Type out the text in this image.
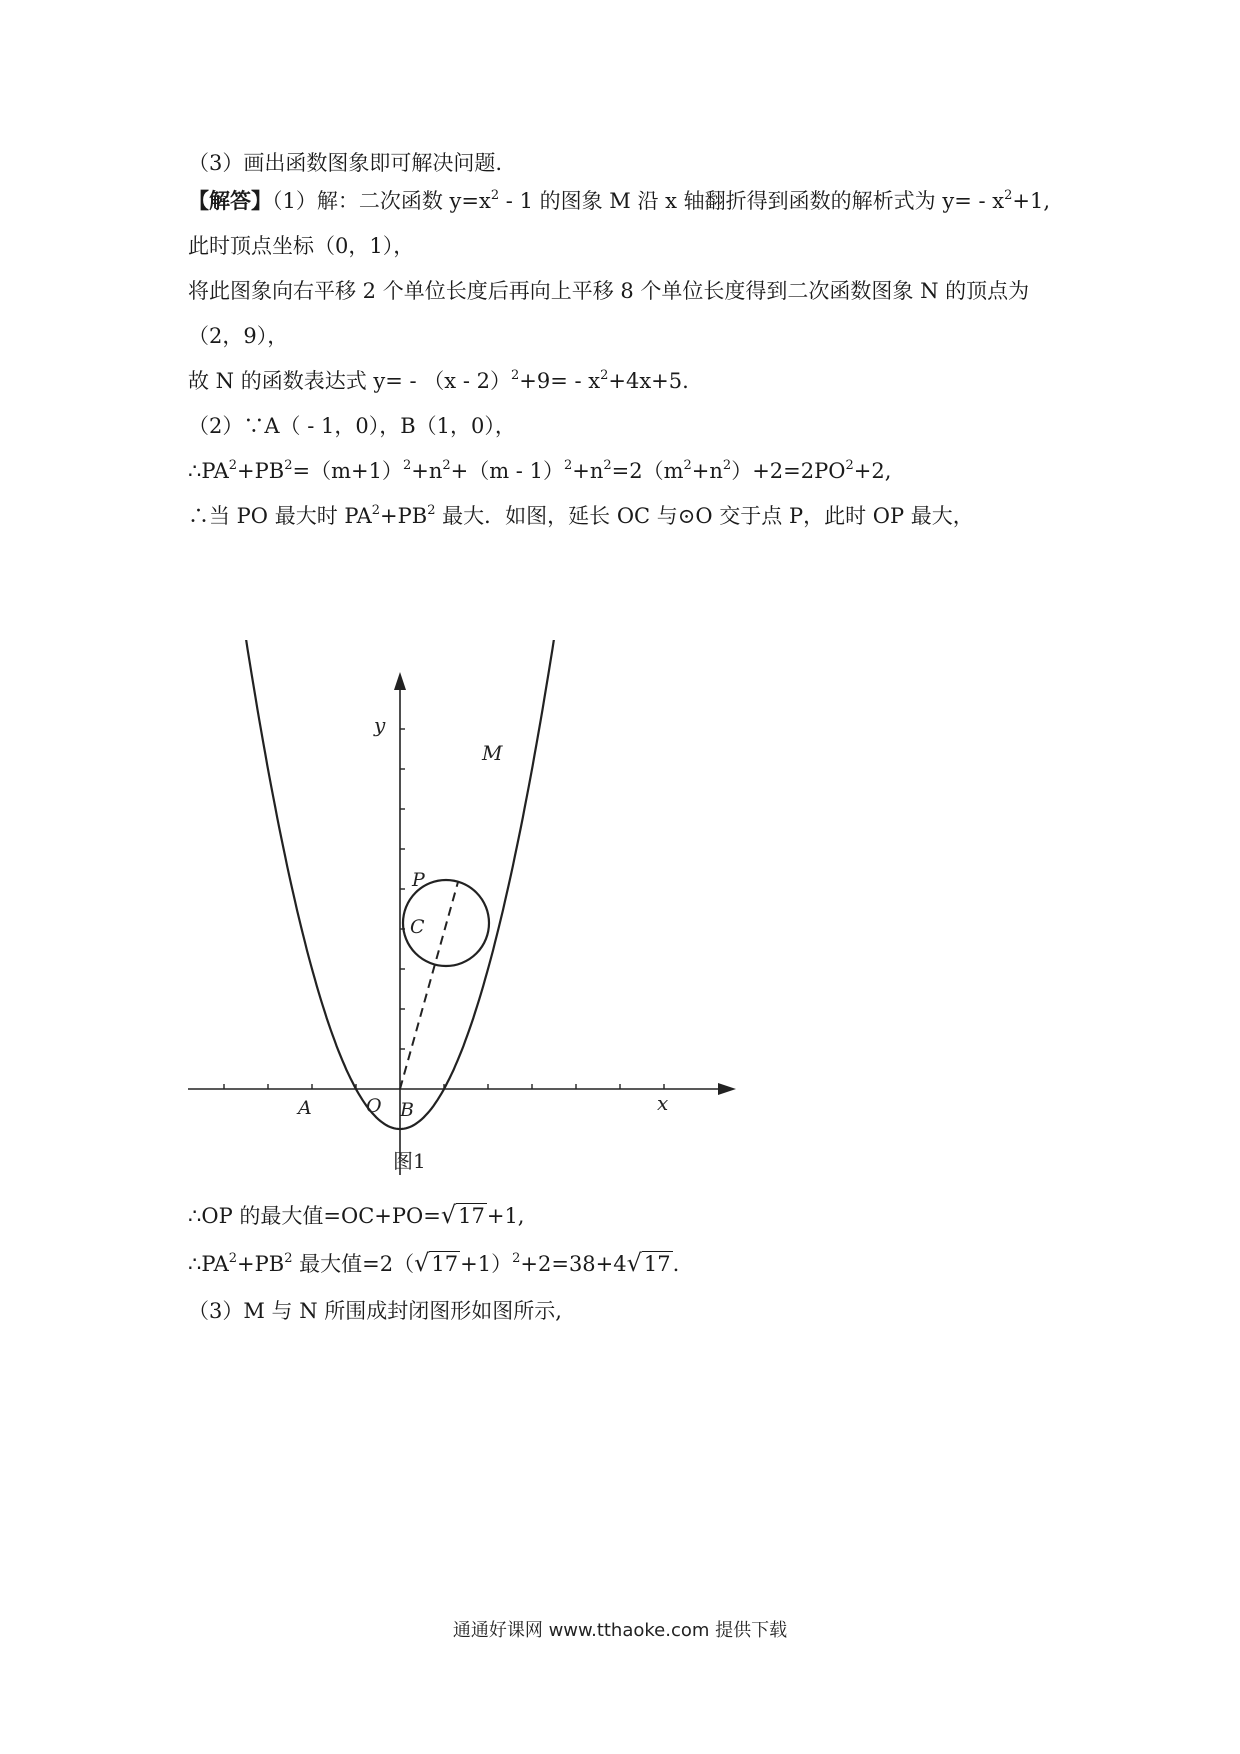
（3）画出函数图象即可解决问题.
【解答】（1）解：二次函数 $y=x^2 - 1$ 的图象 M 沿 x 轴翻折得到函数的解析式为 $y= - x^2+1$,
此时顶点坐标（0，1），
将此图象向右平移 2 个单位长度后再向上平移 8 个单位长度得到二次函数图象 N 的顶点为
（2，9），
故 N 的函数表达式 $y= - (x - 2)^2+9= - x^2+4x+5$.
（2）∵A（ - 1，0），B（1，0），
$\therefore PA^2+PB^2=(m+1)^2+n^2+(m - 1)^2+n^2=2(m^2+n^2)+2=2PO^2+2$,
∴当 PO 最大时 $PA^2+PB^2$ 最大．如图，延长 OC 与⊙O 交于点 P，此时 OP 最大，
y
x
M
P
C
A	O B
图1
∴OP 的最大值=OC+PO=√17+1,
$\therefore PA^2+PB^2$ 最大值$=2(√17+1)^2+2=38+4√17$.
（3）M 与 N 所围成封闭图形如图所示,
通通好课网 www.tthaoke.com 提供下载
